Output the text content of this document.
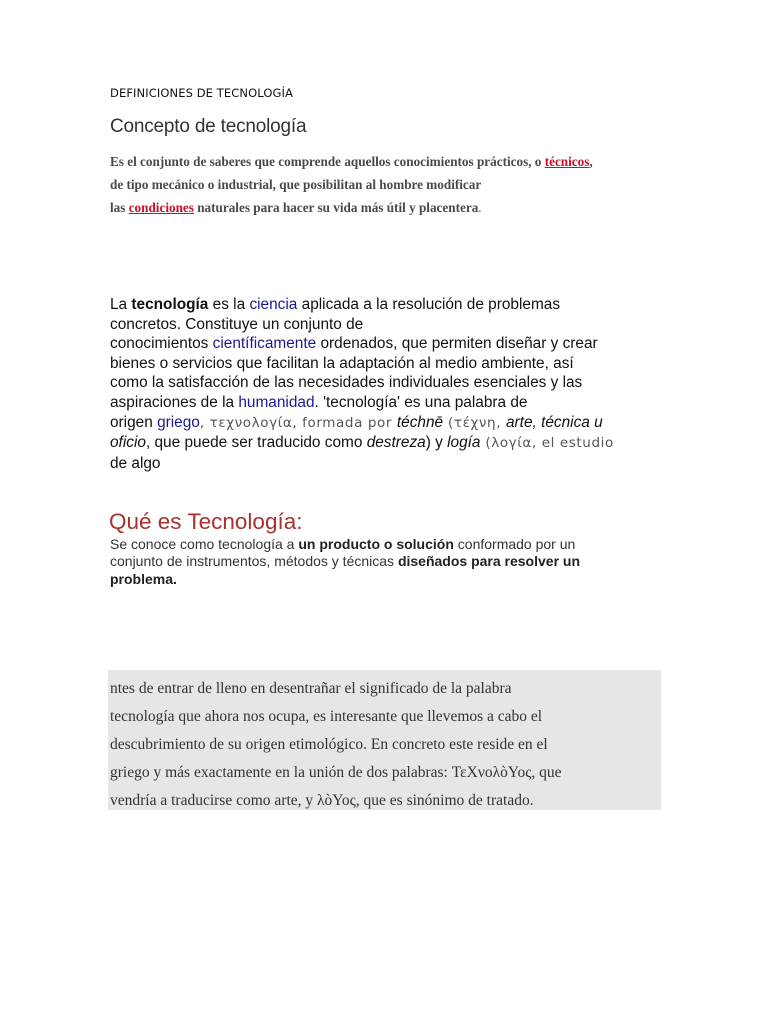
DEFINICIONES DE TECNOLOGÍA
Concepto de tecnología
Es el conjunto de saberes que comprende aquellos conocimientos prácticos, o técnicos,
de tipo mecánico o industrial, que posibilitan al hombre modificar
las condiciones naturales para hacer su vida más útil y placentera.
La tecnología es la ciencia aplicada a la resolución de problemas
concretos. Constituye un conjunto de
conocimientos científicamente ordenados, que permiten diseñar y crear
bienes o servicios que facilitan la adaptación al medio ambiente, así
como la satisfacción de las necesidades individuales esenciales y las
aspiraciones de la humanidad. 'tecnología' es una palabra de
origen griego, τεχνολογία, formada por téchnē (τέχνη, arte, técnica u
oficio, que puede ser traducido como destreza) y logía (λογία, el estudio
de algo
Qué es Tecnología:
Se conoce como tecnología a un producto o solución conformado por un
conjunto de instrumentos, métodos y técnicas diseñados para resolver un
problema.
ntes de entrar de lleno en desentrañar el significado de la palabra
tecnología que ahora nos ocupa, es interesante que llevemos a cabo el
descubrimiento de su origen etimológico. En concreto este reside en el
griego y más exactamente en la unión de dos palabras: ΤεΧνολòΥος, que
vendría a traducirse como arte, y λòΥος, que es sinónimo de tratado.
